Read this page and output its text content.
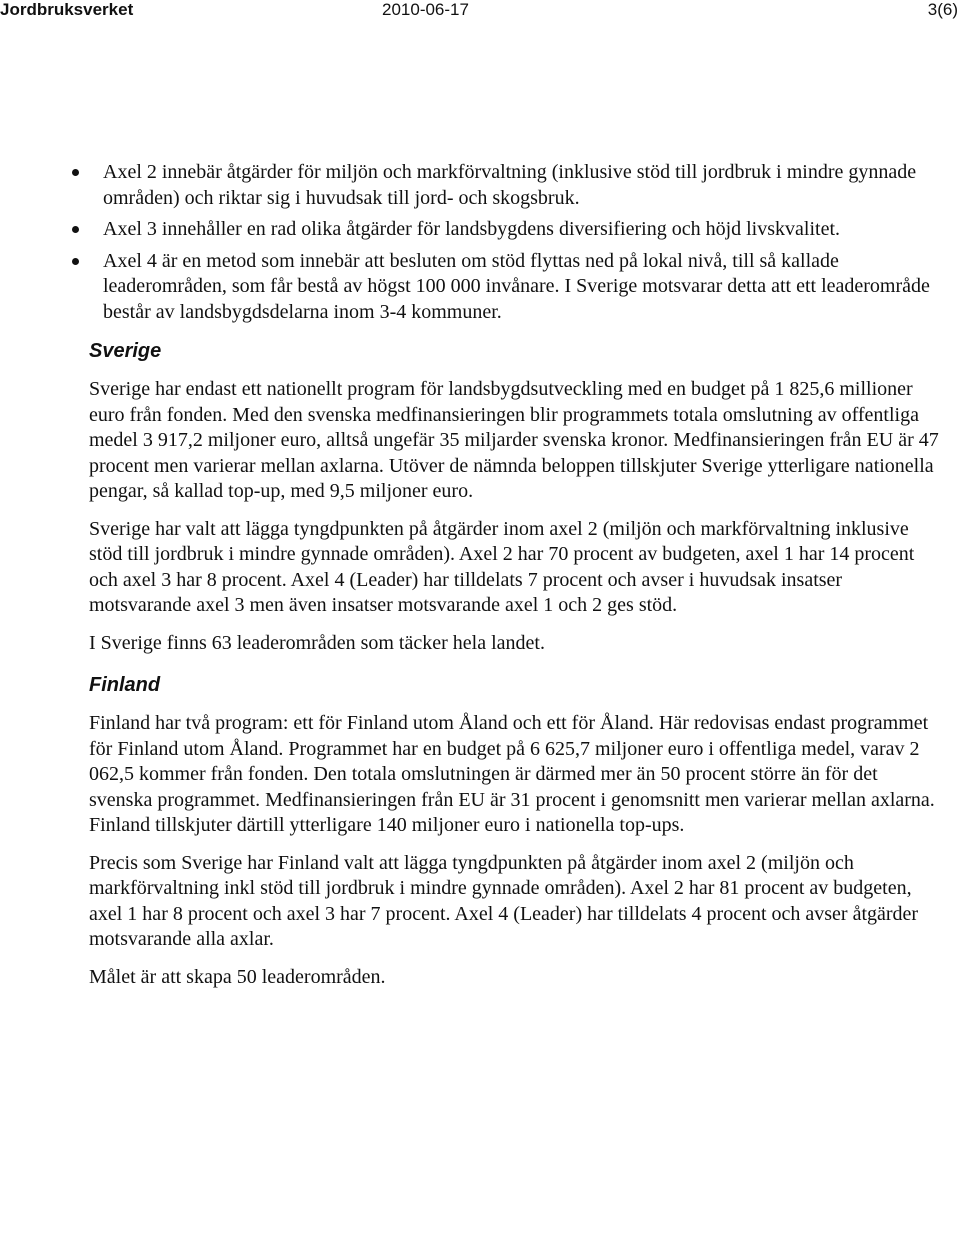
Jordbruksverket	2010-06-17	3(6)
Axel 2 innebär åtgärder för miljön och markförvaltning (inklusive stöd till jordbruk i mindre gynnade områden) och riktar sig i huvudsak till jord- och skogsbruk.
Axel 3 innehåller en rad olika åtgärder för landsbygdens diversifiering och höjd livskvalitet.
Axel 4 är en metod som innebär att besluten om stöd flyttas ned på lokal nivå, till så kallade leaderområden, som får bestå av högst 100 000 invånare. I Sverige motsvarar detta att ett leaderområde består av landsbygdsdelarna inom 3-4 kommuner.
Sverige

Sverige har endast ett nationellt program för landsbygdsutveckling med en budget på 1 825,6 millioner euro från fonden. Med den svenska medfinansieringen blir programmets totala omslutning av offentliga medel 3 917,2 miljoner euro, alltså ungefär 35 miljarder svenska kronor. Medfinansieringen från EU är 47 procent men varierar mellan axlarna. Utöver de nämnda beloppen tillskjuter Sverige ytterligare nationella pengar, så kallad top-up, med 9,5 miljoner euro.

Sverige har valt att lägga tyngdpunkten på åtgärder inom axel 2 (miljön och markförvaltning inklusive stöd till jordbruk i mindre gynnade områden). Axel 2 har 70 procent av budgeten, axel 1 har 14 procent och axel 3 har 8 procent. Axel 4 (Leader) har tilldelats 7 procent och avser i huvudsak insatser motsvarande axel 3 men även insatser motsvarande axel 1 och 2 ges stöd.

I Sverige finns 63 leaderområden som täcker hela landet.

Finland

Finland har två program: ett för Finland utom Åland och ett för Åland. Här redovisas endast programmet för Finland utom Åland. Programmet har en budget på 6 625,7 miljoner euro i offentliga medel, varav 2 062,5 kommer från fonden. Den totala omslutningen är därmed mer än 50 procent större än för det svenska programmet. Medfinansieringen från EU är 31 procent i genomsnitt men varierar mellan axlarna. Finland tillskjuter därtill ytterligare 140 miljoner euro i nationella top-ups.

Precis som Sverige har Finland valt att lägga tyngdpunkten på åtgärder inom axel 2 (miljön och markförvaltning inkl stöd till jordbruk i mindre gynnade områden). Axel 2 har 81 procent av budgeten, axel 1 har 8 procent och axel 3 har 7 procent. Axel 4 (Leader) har tilldelats 4 procent och avser åtgärder motsvarande alla axlar.

Målet är att skapa 50 leaderområden.
